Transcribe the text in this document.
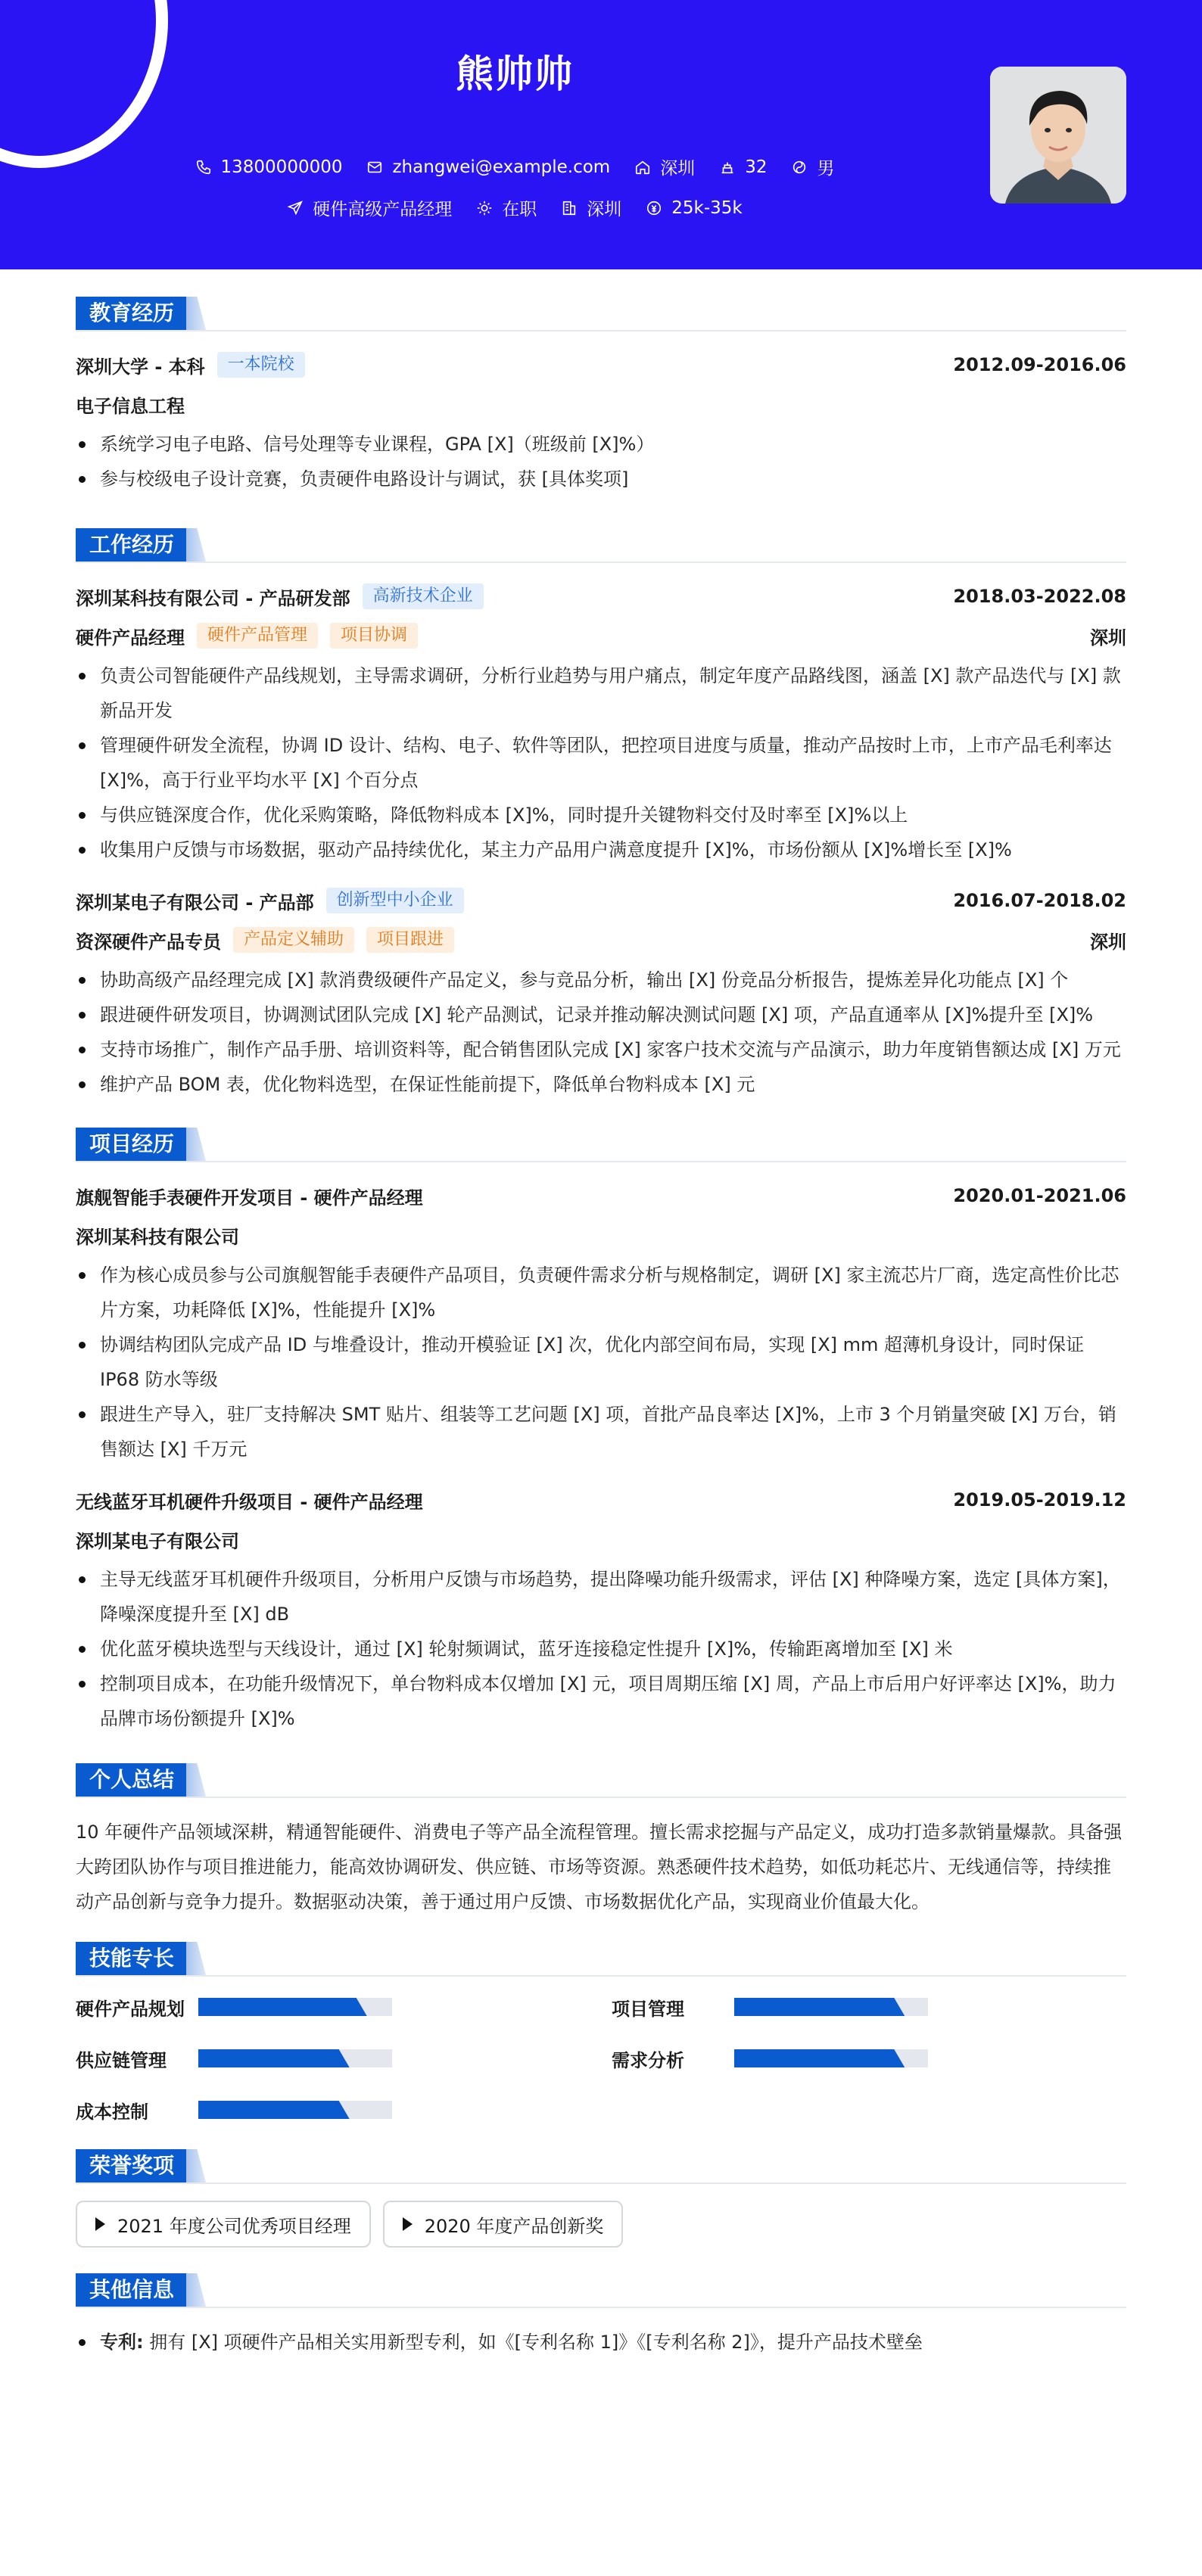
熊帅帅
13800000000	zhangwei@example.com	深圳	32	男
硬件高级产品经理	在职	深圳	25k-35k
教育经历
深圳大学 - 本科	一本院校	2012.09-2016.06
电子信息工程
系统学习电子电路、信号处理等专业课程，GPA [X]（班级前 [X]%）
参与校级电子设计竞赛，负责硬件电路设计与调试，获 [具体奖项]
工作经历
深圳某科技有限公司 - 产品研发部	高新技术企业	2018.03-2022.08
硬件产品经理	硬件产品管理	项目协调	深圳
负责公司智能硬件产品线规划，主导需求调研，分析行业趋势与用户痛点，制定年度产品路线图，涵盖 [X] 款产品迭代与 [X] 款新品开发
管理硬件研发全流程，协调 ID 设计、结构、电子、软件等团队，把控项目进度与质量，推动产品按时上市，上市产品毛利率达 [X]%，高于行业平均水平 [X] 个百分点
与供应链深度合作，优化采购策略，降低物料成本 [X]%，同时提升关键物料交付及时率至 [X]%以上
收集用户反馈与市场数据，驱动产品持续优化，某主力产品用户满意度提升 [X]%，市场份额从 [X]%增长至 [X]%
深圳某电子有限公司 - 产品部	创新型中小企业	2016.07-2018.02
资深硬件产品专员	产品定义辅助	项目跟进	深圳
协助高级产品经理完成 [X] 款消费级硬件产品定义，参与竞品分析，输出 [X] 份竞品分析报告，提炼差异化功能点 [X] 个
跟进硬件研发项目，协调测试团队完成 [X] 轮产品测试，记录并推动解决测试问题 [X] 项，产品直通率从 [X]%提升至 [X]%
支持市场推广，制作产品手册、培训资料等，配合销售团队完成 [X] 家客户技术交流与产品演示，助力年度销售额达成 [X] 万元
维护产品 BOM 表，优化物料选型，在保证性能前提下，降低单台物料成本 [X] 元
项目经历
旗舰智能手表硬件开发项目 - 硬件产品经理	2020.01-2021.06
深圳某科技有限公司
作为核心成员参与公司旗舰智能手表硬件产品项目，负责硬件需求分析与规格制定，调研 [X] 家主流芯片厂商，选定高性价比芯片方案，功耗降低 [X]%，性能提升 [X]%
协调结构团队完成产品 ID 与堆叠设计，推动开模验证 [X] 次，优化内部空间布局，实现 [X] mm 超薄机身设计，同时保证 IP68 防水等级
跟进生产导入，驻厂支持解决 SMT 贴片、组装等工艺问题 [X] 项，首批产品良率达 [X]%，上市 3 个月销量突破 [X] 万台，销售额达 [X] 千万元
无线蓝牙耳机硬件升级项目 - 硬件产品经理	2019.05-2019.12
深圳某电子有限公司
主导无线蓝牙耳机硬件升级项目，分析用户反馈与市场趋势，提出降噪功能升级需求，评估 [X] 种降噪方案，选定 [具体方案]，降噪深度提升至 [X] dB
优化蓝牙模块选型与天线设计，通过 [X] 轮射频调试，蓝牙连接稳定性提升 [X]%，传输距离增加至 [X] 米
控制项目成本，在功能升级情况下，单台物料成本仅增加 [X] 元，项目周期压缩 [X] 周，产品上市后用户好评率达 [X]%，助力品牌市场份额提升 [X]%
个人总结
10 年硬件产品领域深耕，精通智能硬件、消费电子等产品全流程管理。擅长需求挖掘与产品定义，成功打造多款销量爆款。具备强大跨团队协作与项目推进能力，能高效协调研发、供应链、市场等资源。熟悉硬件技术趋势，如低功耗芯片、无线通信等，持续推动产品创新与竞争力提升。数据驱动决策，善于通过用户反馈、市场数据优化产品，实现商业价值最大化。
技能专长
硬件产品规划	项目管理
供应链管理	需求分析
成本控制
荣誉奖项
2021 年度公司优秀项目经理	2020 年度产品创新奖
其他信息
专利: 拥有 [X] 项硬件产品相关实用新型专利，如《[专利名称 1]》《[专利名称 2]》，提升产品技术壁垒
